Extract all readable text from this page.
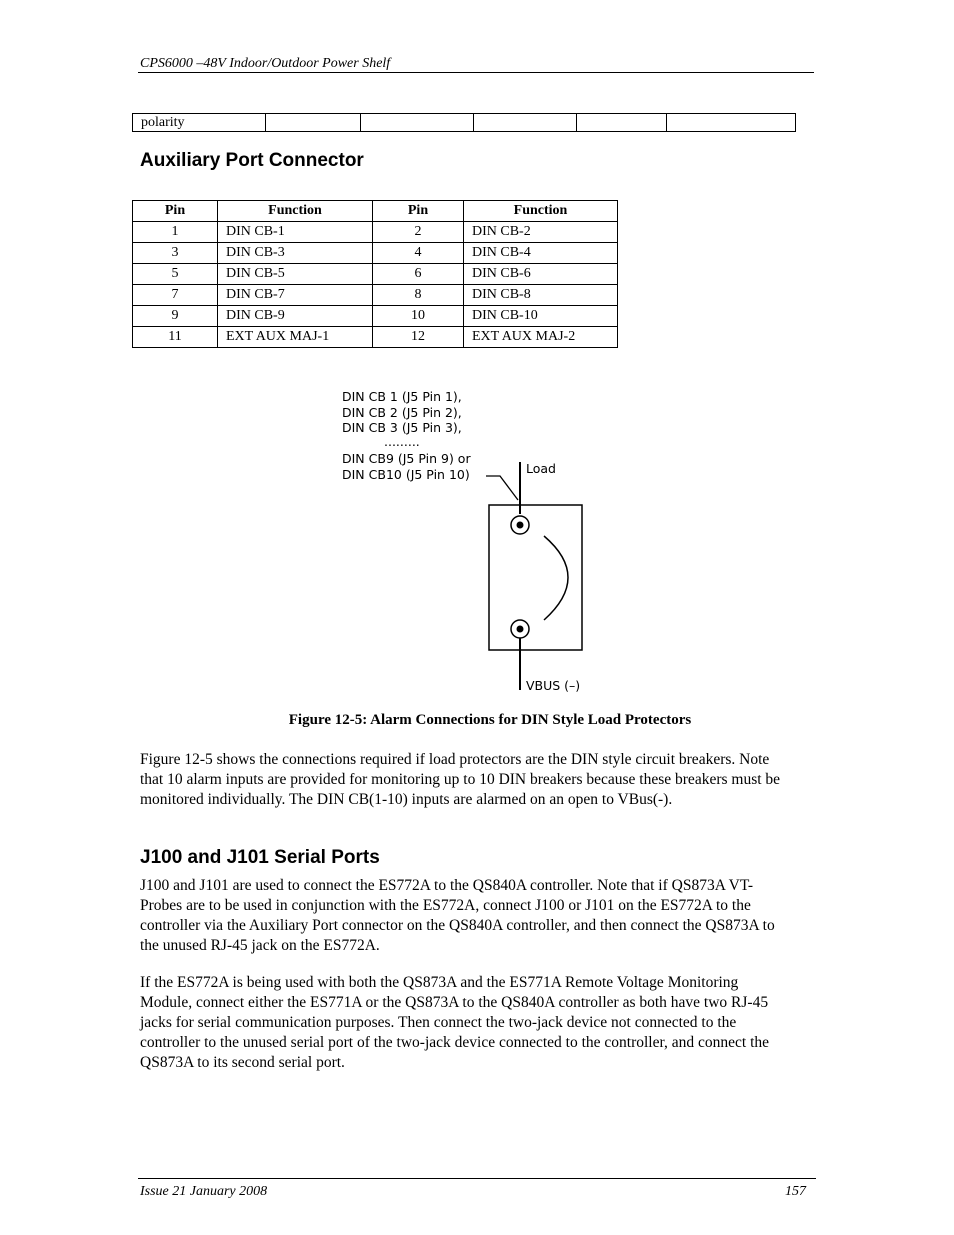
CPS6000 –48V Indoor/Outdoor Power Shelf
polarity					
Auxiliary Port Connector
Pin	Function	Pin	Function
1	DIN CB-1	2	DIN CB-2
3	DIN CB-3	4	DIN CB-4
5	DIN CB-5	6	DIN CB-6
7	DIN CB-7	8	DIN CB-8
9	DIN CB-9	10	DIN CB-10
11	EXT AUX MAJ-1	12	EXT AUX MAJ-2
DIN CB 1 (J5 Pin 1),
DIN CB 2 (J5 Pin 2),
DIN CB 3 (J5 Pin 3),
.........
DIN CB9 (J5 Pin 9) or
DIN CB10 (J5 Pin 10)	Load
VBUS (–)
Figure 12-5: Alarm Connections for DIN Style Load Protectors
Figure 12-5 shows the connections required if load protectors are the DIN style circuit breakers. Note that 10 alarm inputs are provided for monitoring up to 10 DIN breakers because these breakers must be monitored individually. The DIN CB(1-10) inputs are alarmed on an open to VBus(-).
J100 and J101 Serial Ports
J100 and J101 are used to connect the ES772A to the QS840A controller. Note that if QS873A VT-Probes are to be used in conjunction with the ES772A, connect J100 or J101 on the ES772A to the controller via the Auxiliary Port connector on the QS840A controller, and then connect the QS873A to the unused RJ-45 jack on the ES772A.
If the ES772A is being used with both the QS873A and the ES771A Remote Voltage Monitoring Module, connect either the ES771A or the QS873A to the QS840A controller as both have two RJ-45 jacks for serial communication purposes. Then connect the two-jack device not connected to the controller to the unused serial port of the two-jack device connected to the controller, and connect the QS873A to its second serial port.
Issue 21 January 2008	157
